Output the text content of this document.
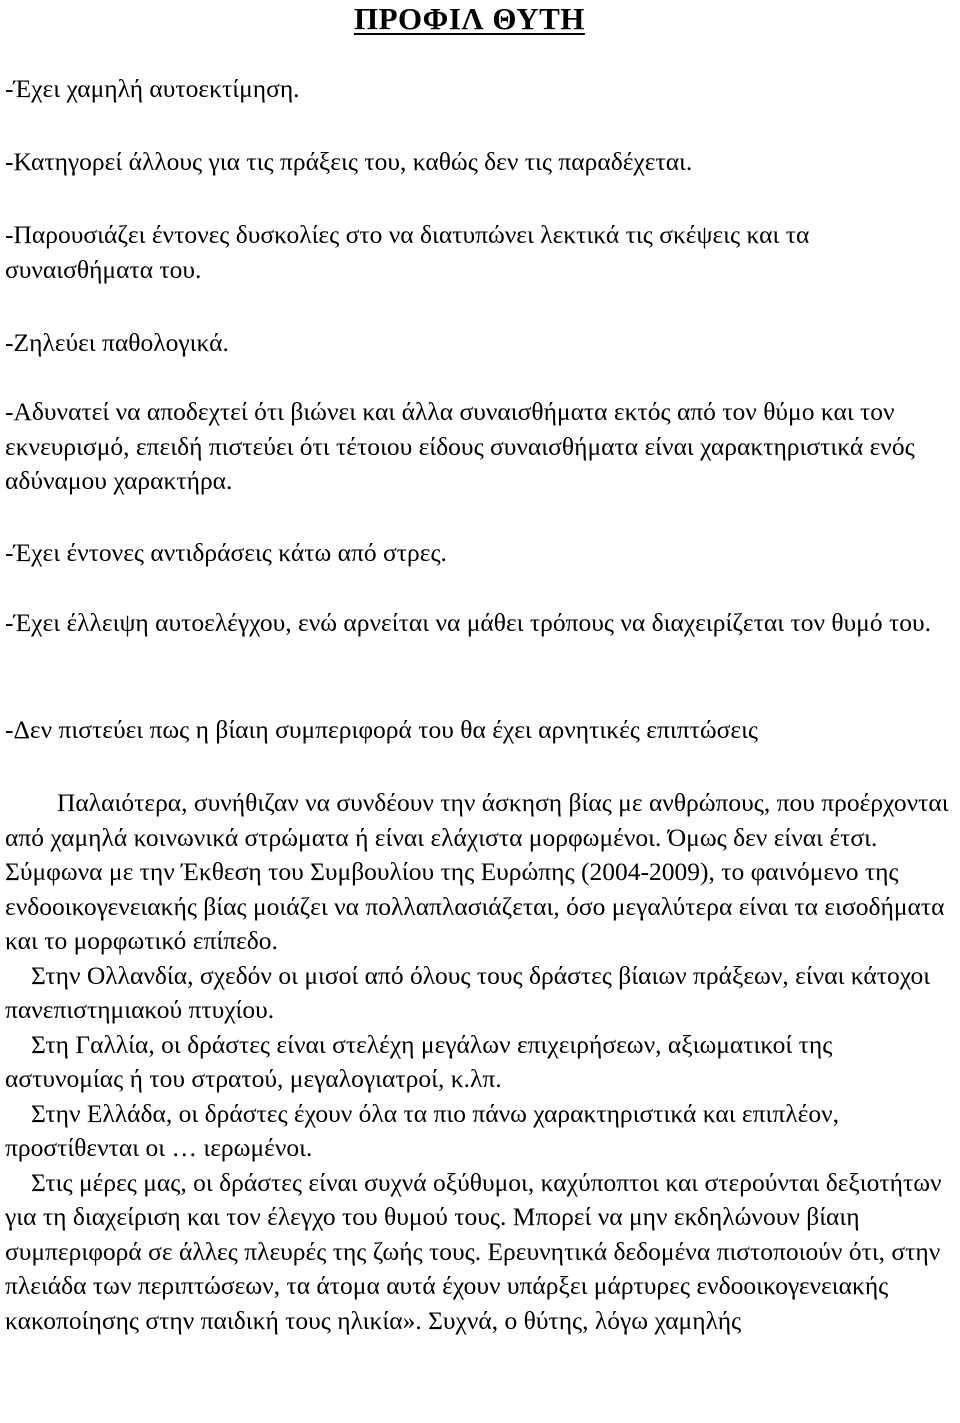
ΠΡΟΦΙΛ ΘΥΤΗ

-Έχει χαμηλή αυτοεκτίμηση.

-Κατηγορεί άλλους για τις πράξεις του, καθώς δεν τις παραδέχεται.

-Παρουσιάζει έντονες δυσκολίες στο να διατυπώνει λεκτικά τις σκέψεις και τα συναισθήματα του.

-Ζηλεύει παθολογικά.

-Αδυνατεί να αποδεχτεί ότι βιώνει και άλλα συναισθήματα εκτός από τον θύμο και τον εκνευρισμό, επειδή πιστεύει ότι τέτοιου είδους συναισθήματα είναι χαρακτηριστικά ενός αδύναμου χαρακτήρα.

-Έχει έντονες αντιδράσεις κάτω από στρες.

-Έχει έλλειψη αυτοελέγχου, ενώ αρνείται να μάθει τρόπους να διαχειρίζεται τον θυμό του.

-Δεν πιστεύει πως η βίαιη συμπεριφορά του θα έχει αρνητικές επιπτώσεις

Παλαιότερα, συνήθιζαν να συνδέουν την άσκηση βίας με ανθρώπους, που προέρχονται από χαμηλά κοινωνικά στρώματα ή είναι ελάχιστα μορφωμένοι. Όμως δεν είναι έτσι. Σύμφωνα με την Έκθεση του Συμβουλίου της Ευρώπης (2004-2009), το φαινόμενο της ενδοοικογενειακής βίας μοιάζει να πολλαπλασιάζεται, όσο μεγαλύτερα είναι τα εισοδήματα και το μορφωτικό επίπεδο.

Στην Ολλανδία, σχεδόν οι μισοί από όλους τους δράστες βίαιων πράξεων, είναι κάτοχοι πανεπιστημιακού πτυχίου.

Στη Γαλλία, οι δράστες είναι στελέχη μεγάλων επιχειρήσεων, αξιωματικοί της αστυνομίας ή του στρατού, μεγαλογιατροί, κ.λπ.

Στην Ελλάδα, οι δράστες έχουν όλα τα πιο πάνω χαρακτηριστικά και επιπλέον, προστίθενται οι … ιερωμένοι.

Στις μέρες μας, οι δράστες είναι συχνά οξύθυμοι, καχύποπτοι και στερούνται δεξιοτήτων για τη διαχείριση και τον έλεγχο του θυμού τους. Μπορεί να μην εκδηλώνουν βίαιη συμπεριφορά σε άλλες πλευρές της ζωής τους. Ερευνητικά δεδομένα πιστοποιούν ότι, στην πλειάδα των περιπτώσεων, τα άτομα αυτά έχουν υπάρξει μάρτυρες ενδοοικογενειακής κακοποίησης στην παιδική τους ηλικία». Συχνά, ο θύτης, λόγω χαμηλής
